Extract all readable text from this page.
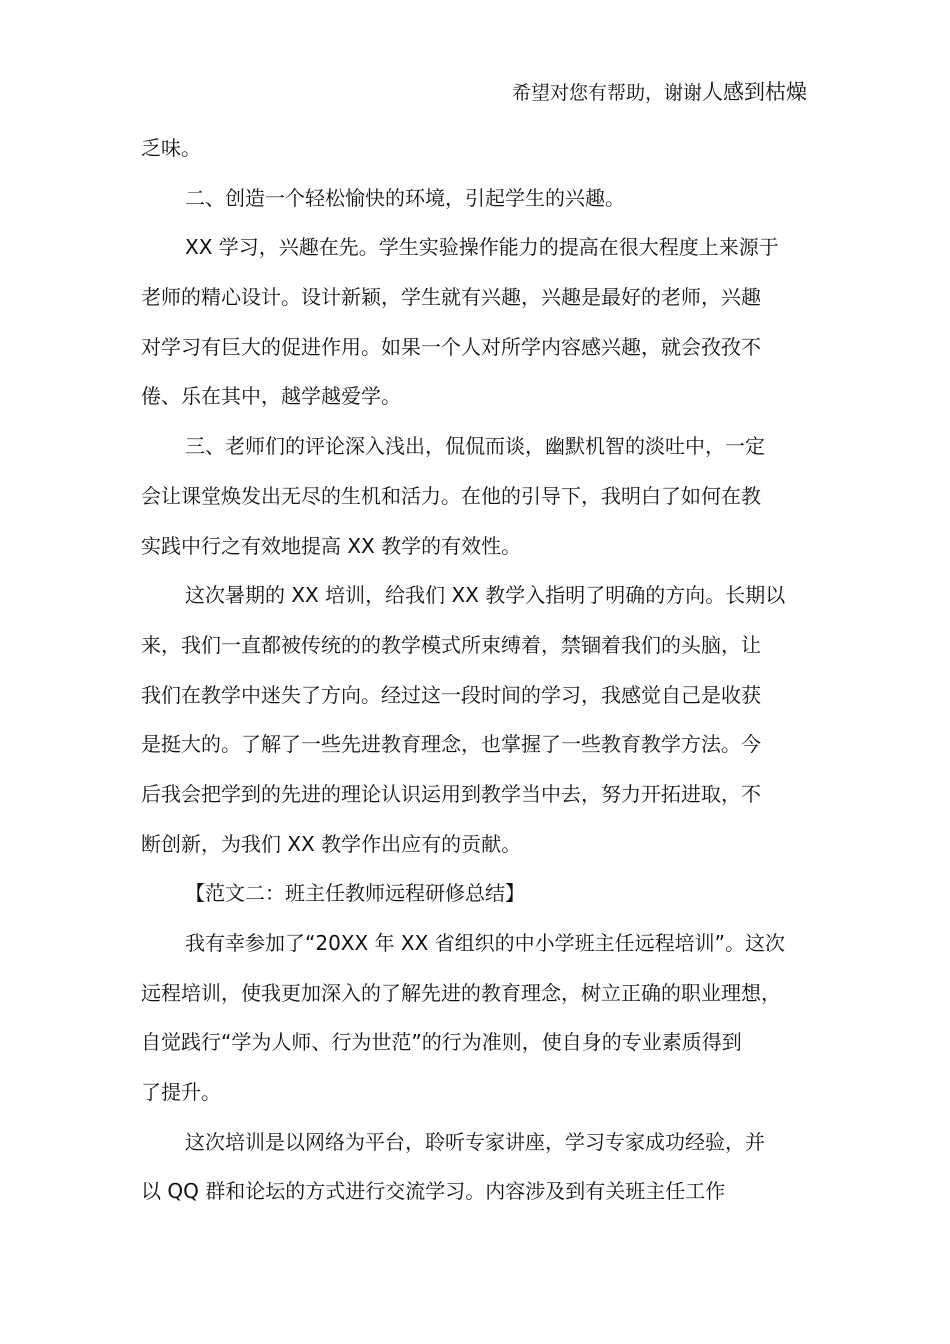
希望对您有帮助，谢谢人感到枯燥
乏味。
二、创造一个轻松愉快的环境，引起学生的兴趣。
XX 学习，兴趣在先。学生实验操作能力的提高在很大程度上来源于
老师的精心设计。设计新颖，学生就有兴趣，兴趣是最好的老师，兴趣
对学习有巨大的促进作用。如果一个人对所学内容感兴趣，就会孜孜不
倦、乐在其中，越学越爱学。
三、老师们的评论深入浅出，侃侃而谈，幽默机智的淡吐中，一定
会让课堂焕发出无尽的生机和活力。在他的引导下，我明白了如何在教
实践中行之有效地提高 XX 教学的有效性。
这次暑期的 XX 培训，给我们 XX 教学入指明了明确的方向。长期以
来，我们一直都被传统的的教学模式所束缚着，禁锢着我们的头脑，让
我们在教学中迷失了方向。经过这一段时间的学习，我感觉自己是收获
是挺大的。了解了一些先进教育理念，也掌握了一些教育教学方法。今
后我会把学到的先进的理论认识运用到教学当中去，努力开拓进取，不
断创新，为我们 XX 教学作出应有的贡献。
【范文二：班主任教师远程研修总结】
我有幸参加了“20XX 年 XX 省组织的中小学班主任远程培训”。这次
远程培训，使我更加深入的了解先进的教育理念，树立正确的职业理想，
自觉践行“学为人师、行为世范”的行为准则，使自身的专业素质得到
了提升。
这次培训是以网络为平台，聆听专家讲座，学习专家成功经验，并
以 QQ 群和论坛的方式进行交流学习。内容涉及到有关班主任工作
